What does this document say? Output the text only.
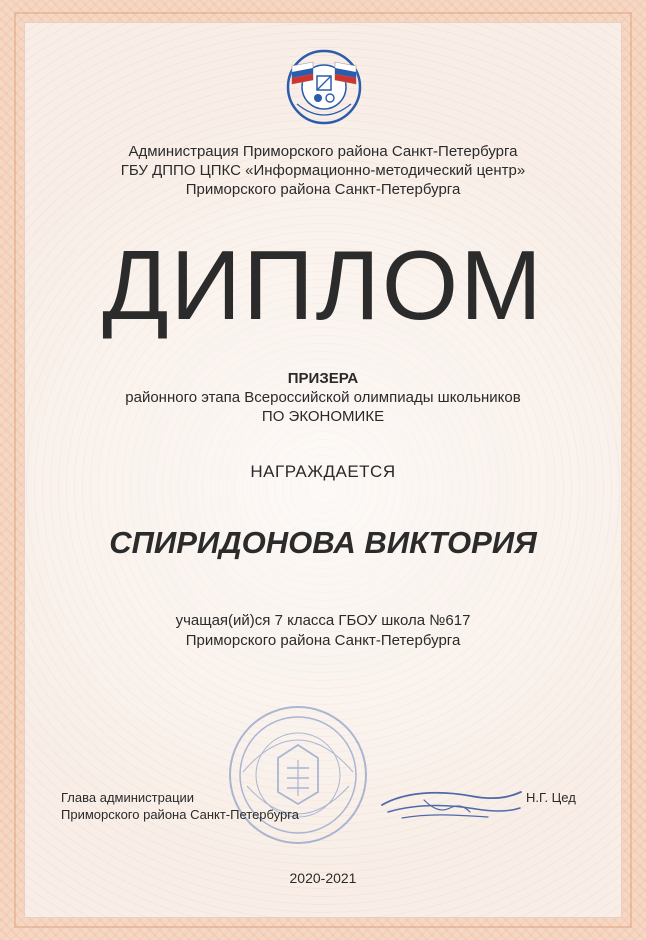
Администрация Приморского района Санкт-Петербурга
ГБУ ДППО ЦПКС «Информационно-методический центр»
Приморского района Санкт-Петербурга
ДИПЛОМ
ПРИЗЕРА
районного этапа Всероссийской олимпиады школьников
ПО ЭКОНОМИКЕ
НАГРАЖДАЕТСЯ
СПИРИДОНОВА ВИКТОРИЯ
учащая(ий)ся 7 класса ГБОУ школа №617
Приморского района Санкт-Петербурга
Глава администрации
Приморского района Санкт-Петербурга
Н.Г. Цед
2020-2021
